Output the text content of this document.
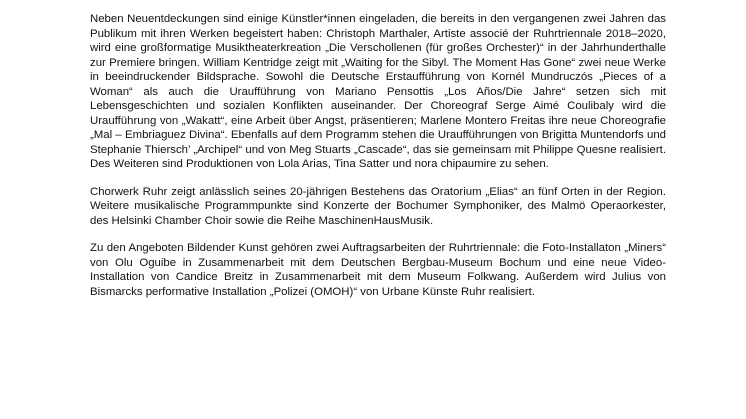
Neben Neuentdeckungen sind einige Künstler*innen eingeladen, die bereits in den vergangenen zwei Jahren das Publikum mit ihren Werken begeistert haben: Christoph Marthaler, Artiste associé der Ruhrtriennale 2018–2020, wird eine großformatige Musiktheaterkreation „Die Verschollenen (für großes Orchester)“ in der Jahrhunderthalle zur Premiere bringen. William Kentridge zeigt mit „Waiting for the Sibyl. The Moment Has Gone“ zwei neue Werke in beeindruckender Bildsprache. Sowohl die Deutsche Erstaufführung von Kornél Mundruczós „Pieces of a Woman“ als auch die Uraufführung von Mariano Pensottis „Los Años/Die Jahre“ setzen sich mit Lebensgeschichten und sozialen Konflikten auseinander. Der Choreograf Serge Aimé Coulibaly wird die Uraufführung von „Wakatt“, eine Arbeit über Angst, präsentieren; Marlene Montero Freitas ihre neue Choreografie „Mal – Embriaguez Divina“. Ebenfalls auf dem Programm stehen die Uraufführungen von Brigitta Muntendorfs und Stephanie Thiersch’ „Archipel“ und von Meg Stuarts „Cascade“, das sie gemeinsam mit Philippe Quesne realisiert. Des Weiteren sind Produktionen von Lola Arias, Tina Satter und nora chipaumire zu sehen.

Chorwerk Ruhr zeigt anlässlich seines 20-jährigen Bestehens das Oratorium „Elias“ an fünf Orten in der Region. Weitere musikalische Programmpunkte sind Konzerte der Bochumer Symphoniker, des Malmö Operaorkester, des Helsinki Chamber Choir sowie die Reihe MaschinenHausMusik.

Zu den Angeboten Bildender Kunst gehören zwei Auftragsarbeiten der Ruhrtriennale: die Foto-Installaton „Miners“ von Olu Oguibe in Zusammenarbeit mit dem Deutschen Bergbau-Museum Bochum und eine neue Video-Installation von Candice Breitz in Zusammenarbeit mit dem Museum Folkwang. Außerdem wird Julius von Bismarcks performative Installation „Polizei (OMOH)“ von Urbane Künste Ruhr realisiert.
